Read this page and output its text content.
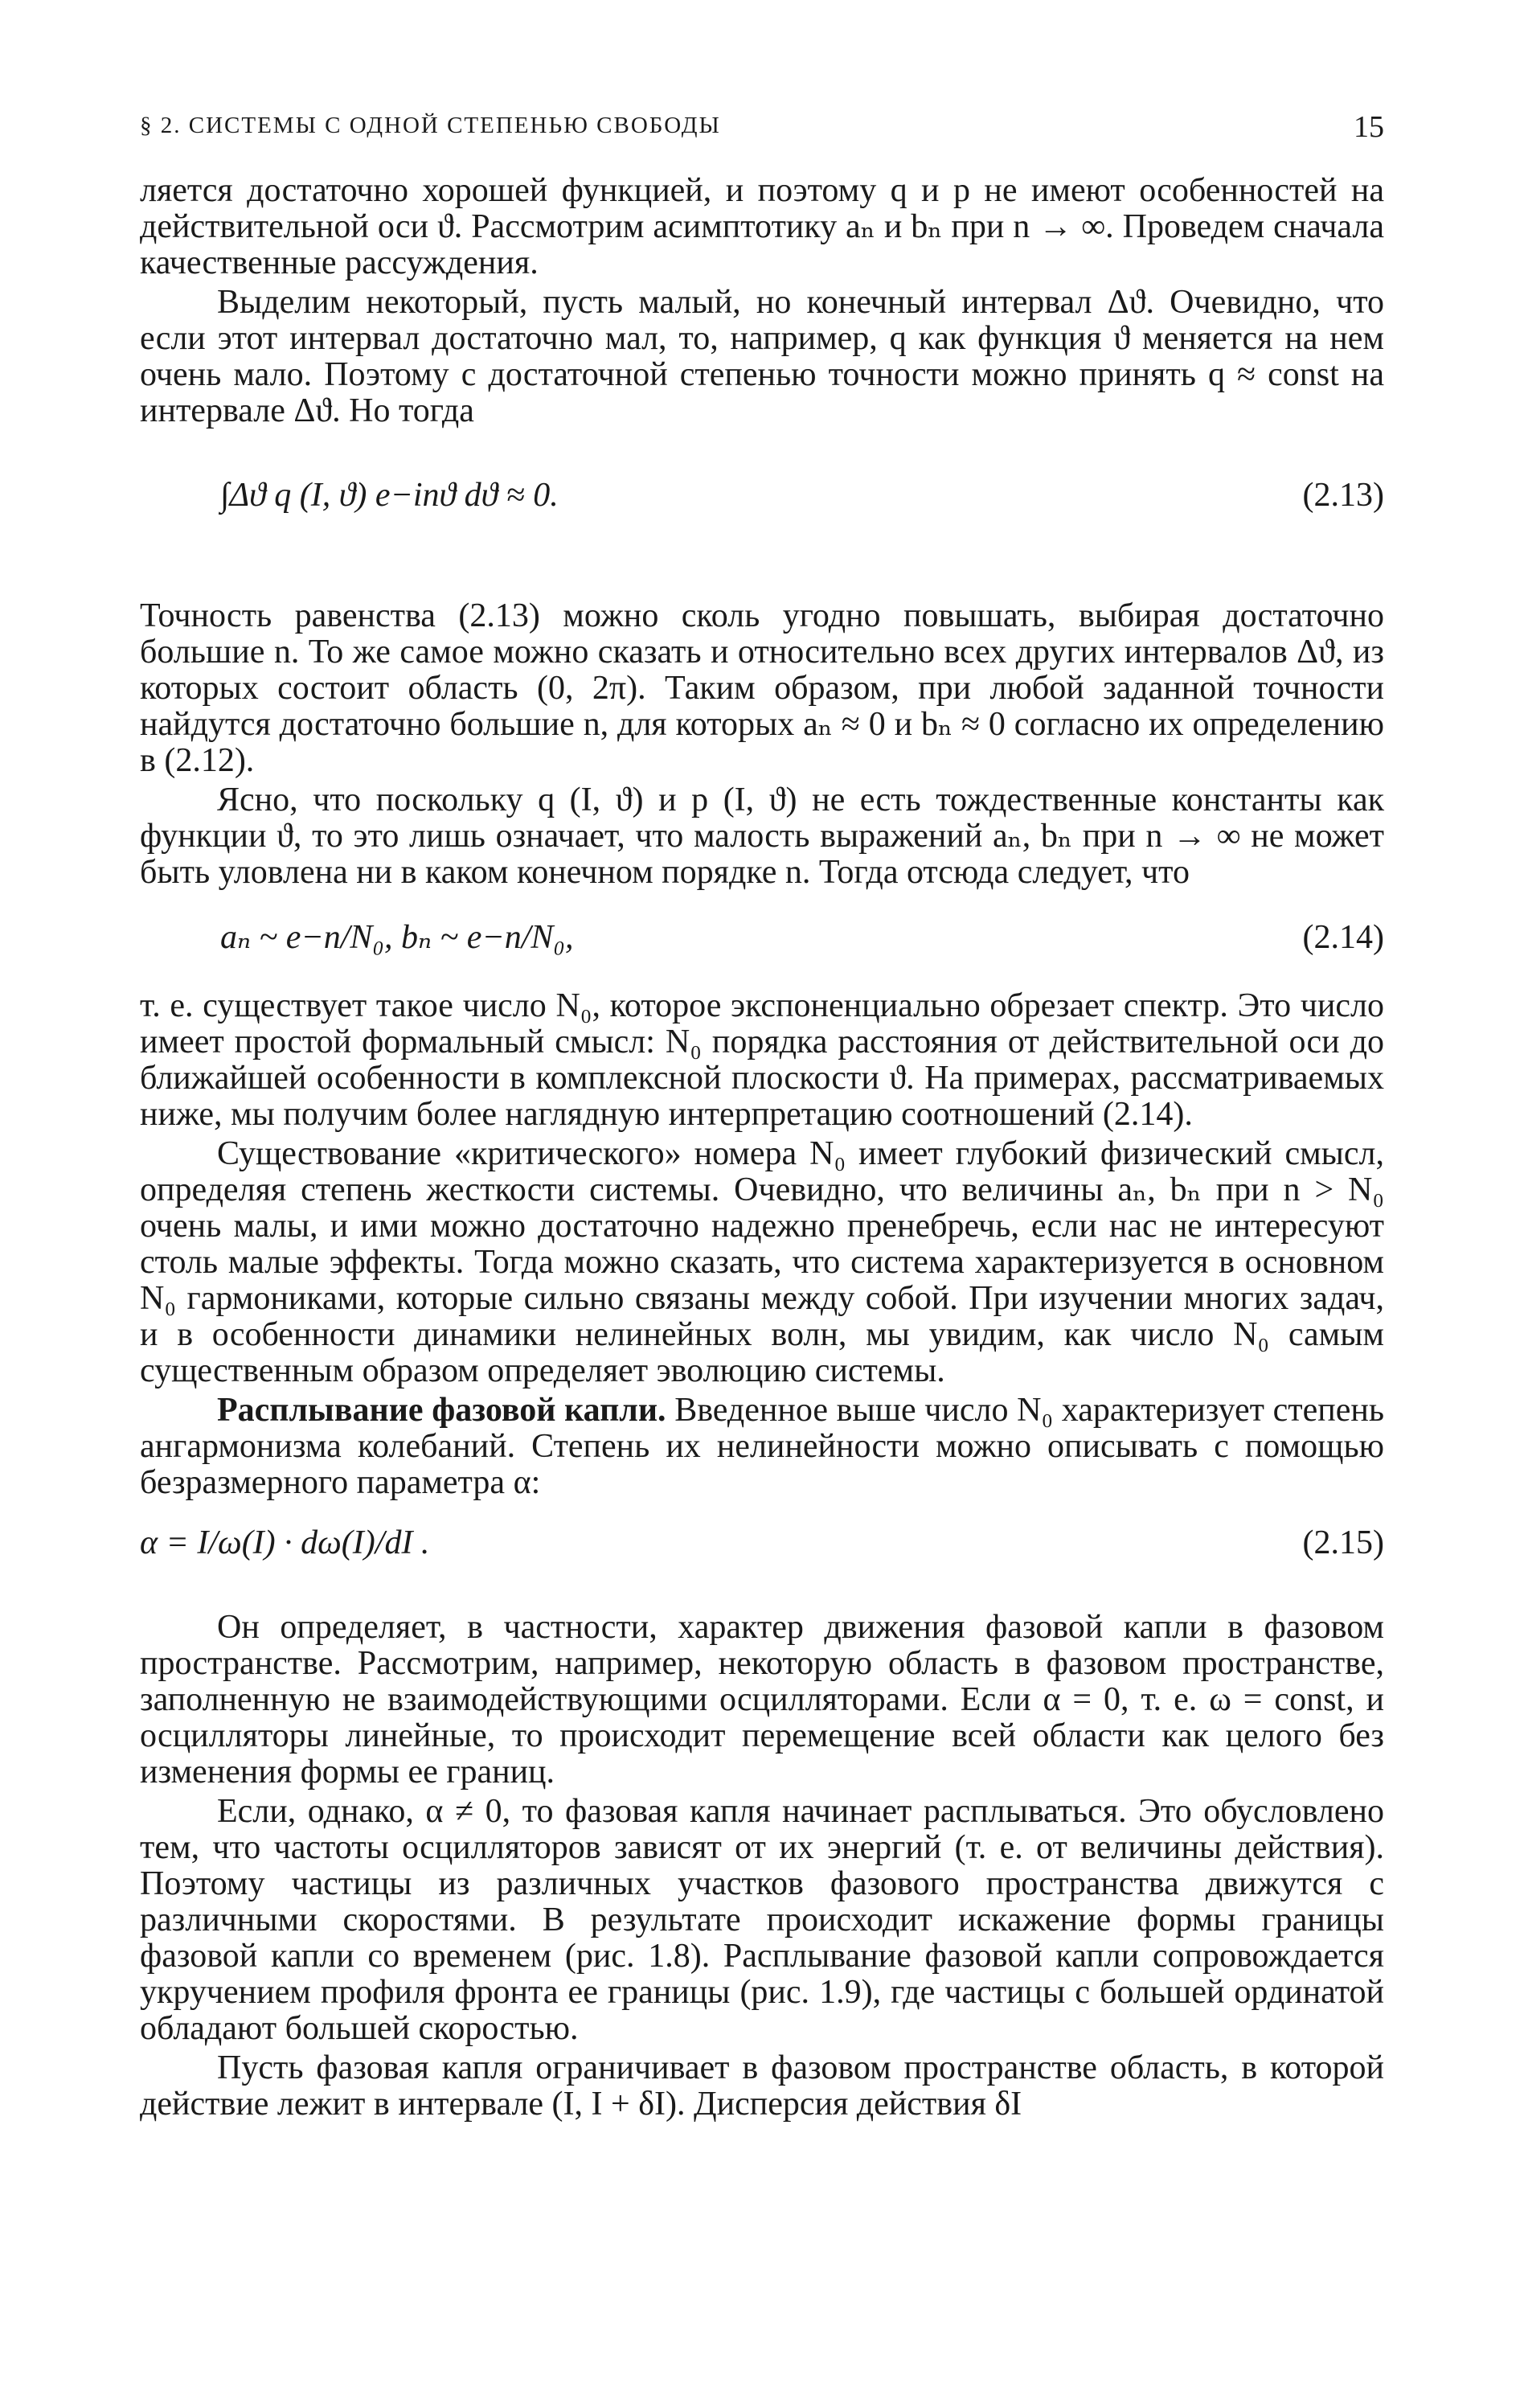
§ 2. СИСТЕМЫ С ОДНОЙ СТЕПЕНЬЮ СВОБОДЫ	15

ляется достаточно хорошей функцией, и поэтому q и p не имеют особенностей на действительной оси ϑ. Рассмотрим асимптотику aₙ и bₙ при n → ∞. Проведем сначала качественные рассуждения.

Выделим некоторый, пусть малый, но конечный интервал Δϑ. Очевидно, что если этот интервал достаточно мал, то, например, q как функция ϑ меняется на нем очень мало. Поэтому с достаточной степенью точности можно принять q ≈ const на интервале Δϑ. Но тогда

∫Δϑ q (I, ϑ) e−inϑ dϑ ≈ 0.	(2.13)

Точность равенства (2.13) можно сколь угодно повышать, выбирая достаточно большие n. То же самое можно сказать и относительно всех других интервалов Δϑ, из которых состоит область (0, 2π). Таким образом, при любой заданной точности найдутся достаточно большие n, для которых aₙ ≈ 0 и bₙ ≈ 0 согласно их определению в (2.12).

Ясно, что поскольку q (I, ϑ) и p (I, ϑ) не есть тождественные константы как функции ϑ, то это лишь означает, что малость выражений aₙ, bₙ при n → ∞ не может быть уловлена ни в каком конечном порядке n. Тогда отсюда следует, что

aₙ ~ e−n/N₀, bₙ ~ e−n/N₀,	(2.14)

т. е. существует такое число N₀, которое экспоненциально обрезает спектр. Это число имеет простой формальный смысл: N₀ порядка расстояния от действительной оси до ближайшей особенности в комплексной плоскости ϑ. На примерах, рассматриваемых ниже, мы получим более наглядную интерпретацию соотношений (2.14).

Существование «критического» номера N₀ имеет глубокий физический смысл, определяя степень жесткости системы. Очевидно, что величины aₙ, bₙ при n > N₀ очень малы, и ими можно достаточно надежно пренебречь, если нас не интересуют столь малые эффекты. Тогда можно сказать, что система характеризуется в основном N₀ гармониками, которые сильно связаны между собой. При изучении многих задач, и в особенности динамики нелинейных волн, мы увидим, как число N₀ самым существенным образом определяет эволюцию системы.

Расплывание фазовой капли. Введенное выше число N₀ характеризует степень ангармонизма колебаний. Степень их нелинейности можно описывать с помощью безразмерного параметра α:

α = I/ω(I) · dω(I)/dI .	(2.15)

Он определяет, в частности, характер движения фазовой капли в фазовом пространстве. Рассмотрим, например, некоторую область в фазовом пространстве, заполненную не взаимодействующими осцилляторами. Если α = 0, т. е. ω = const, и осцилляторы линейные, то происходит перемещение всей области как целого без изменения формы ее границ.

Если, однако, α ≠ 0, то фазовая капля начинает расплываться. Это обусловлено тем, что частоты осцилляторов зависят от их энергий (т. е. от величины действия). Поэтому частицы из различных участков фазового пространства движутся с различными скоростями. В результате происходит искажение формы границы фазовой капли со временем (рис. 1.8). Расплывание фазовой капли сопровождается укручением профиля фронта ее границы (рис. 1.9), где частицы с большей ординатой обладают большей скоростью.

Пусть фазовая капля ограничивает в фазовом пространстве область, в которой действие лежит в интервале (I, I + δI). Дисперсия действия δI
